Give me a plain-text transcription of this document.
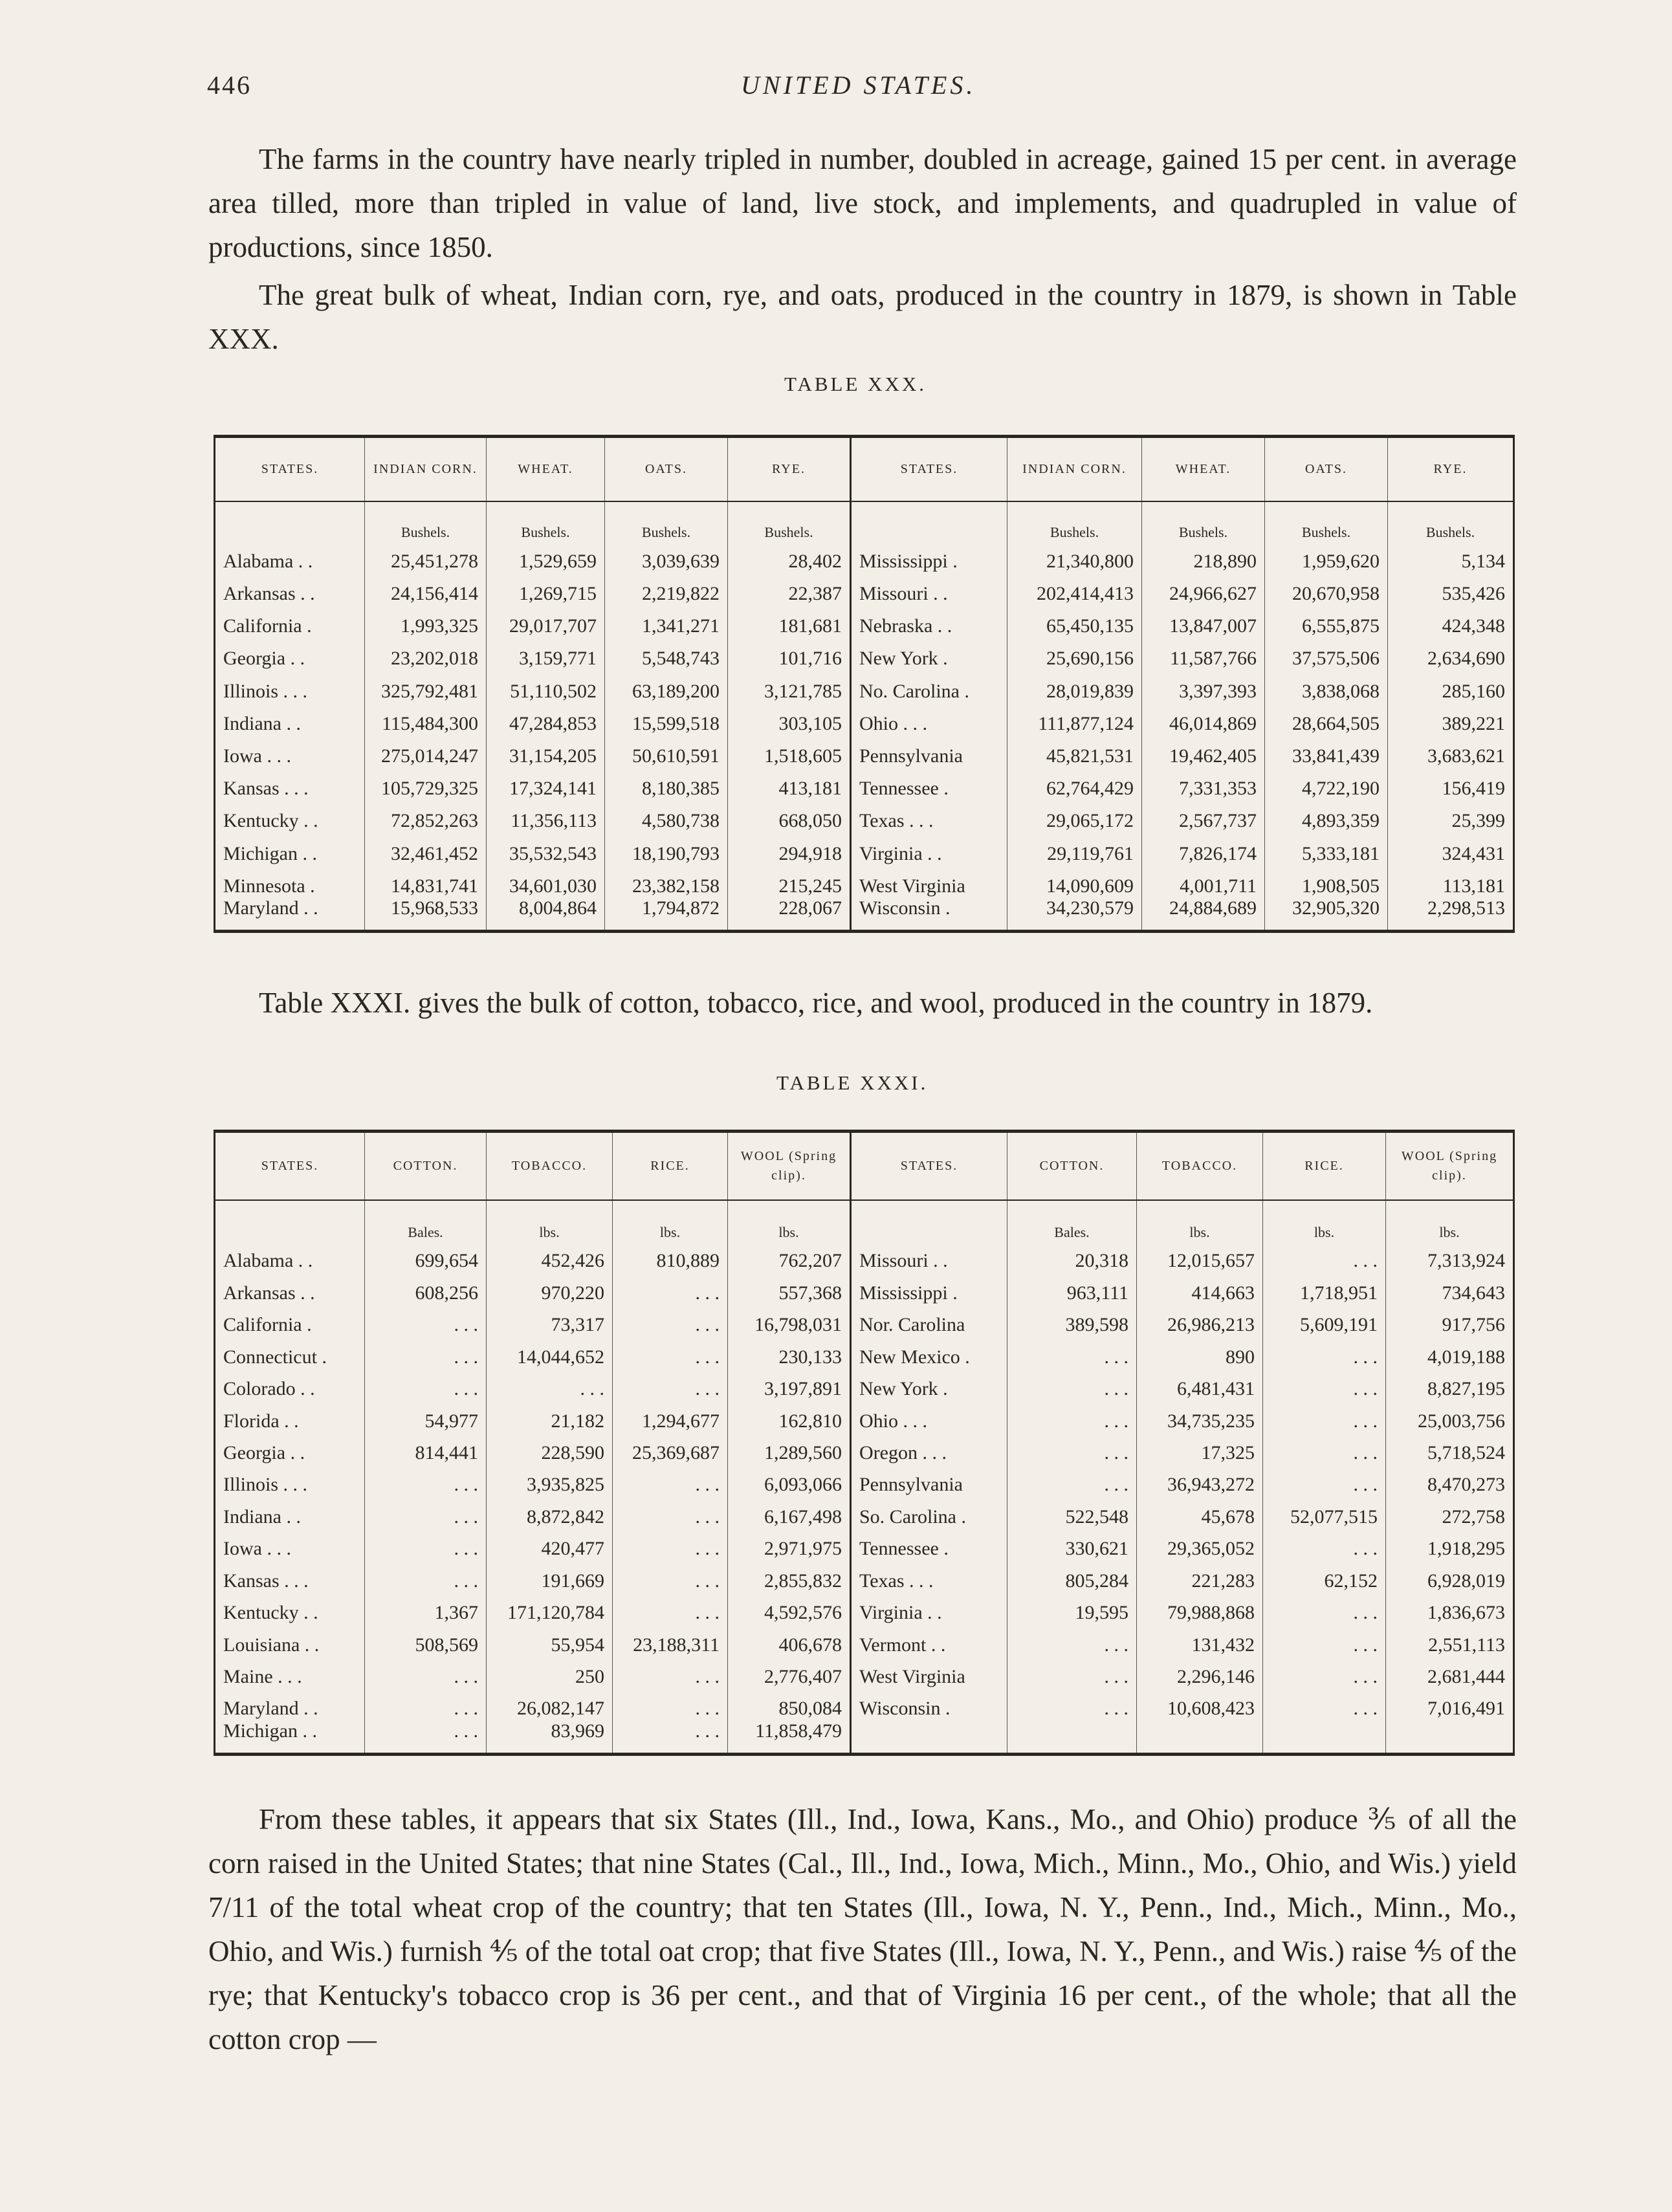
446	UNITED STATES.

The farms in the country have nearly tripled in number, doubled in acreage, gained 15 per cent. in average area tilled, more than tripled in value of land, live stock, and implements, and quadrupled in value of productions, since 1850.

The great bulk of wheat, Indian corn, rye, and oats, produced in the country in 1879, is shown in Table XXX.

TABLE XXX.
STATES.	INDIAN CORN.	WHEAT.	OATS.	RYE.	STATES.	INDIAN CORN.	WHEAT.	OATS.	RYE.
	Bushels.	Bushels.	Bushels.	Bushels.		Bushels.	Bushels.	Bushels.	Bushels.
Alabama . .	25,451,278	1,529,659	3,039,639	28,402	Mississippi .	21,340,800	218,890	1,959,620	5,134
Arkansas . .	24,156,414	1,269,715	2,219,822	22,387	Missouri . .	202,414,413	24,966,627	20,670,958	535,426
California .	1,993,325	29,017,707	1,341,271	181,681	Nebraska . .	65,450,135	13,847,007	6,555,875	424,348
Georgia . .	23,202,018	3,159,771	5,548,743	101,716	New York .	25,690,156	11,587,766	37,575,506	2,634,690
Illinois . . .	325,792,481	51,110,502	63,189,200	3,121,785	No. Carolina .	28,019,839	3,397,393	3,838,068	285,160
Indiana . .	115,484,300	47,284,853	15,599,518	303,105	Ohio . . .	111,877,124	46,014,869	28,664,505	389,221
Iowa . . .	275,014,247	31,154,205	50,610,591	1,518,605	Pennsylvania	45,821,531	19,462,405	33,841,439	3,683,621
Kansas . . .	105,729,325	17,324,141	8,180,385	413,181	Tennessee .	62,764,429	7,331,353	4,722,190	156,419
Kentucky . .	72,852,263	11,356,113	4,580,738	668,050	Texas . . .	29,065,172	2,567,737	4,893,359	25,399
Michigan . .	32,461,452	35,532,543	18,190,793	294,918	Virginia . .	29,119,761	7,826,174	5,333,181	324,431
Minnesota .	14,831,741	34,601,030	23,382,158	215,245	West Virginia	14,090,609	4,001,711	1,908,505	113,181
Maryland . .	15,968,533	8,004,864	1,794,872	228,067	Wisconsin .	34,230,579	24,884,689	32,905,320	2,298,513

Table XXXI. gives the bulk of cotton, tobacco, rice, and wool, produced in the country in 1879.

TABLE XXXI.
STATES.	COTTON.	TOBACCO.	RICE.	WOOL (Spring clip).	STATES.	COTTON.	TOBACCO.	RICE.	WOOL (Spring clip).
	Bales.	lbs.	lbs.	lbs.		Bales.	lbs.	lbs.	lbs.
Alabama . .	699,654	452,426	810,889	762,207	Missouri . .	20,318	12,015,657	. . .	7,313,924
Arkansas . .	608,256	970,220	. . .	557,368	Mississippi .	963,111	414,663	1,718,951	734,643
California .	. . .	73,317	. . .	16,798,031	Nor. Carolina	389,598	26,986,213	5,609,191	917,756
Connecticut .	. . .	14,044,652	. . .	230,133	New Mexico .	. . .	890	. . .	4,019,188
Colorado . .	. . .	. . .	. . .	3,197,891	New York .	. . .	6,481,431	. . .	8,827,195
Florida . .	54,977	21,182	1,294,677	162,810	Ohio . . .	. . .	34,735,235	. . .	25,003,756
Georgia . .	814,441	228,590	25,369,687	1,289,560	Oregon . . .	. . .	17,325	. . .	5,718,524
Illinois . . .	. . .	3,935,825	. . .	6,093,066	Pennsylvania	. . .	36,943,272	. . .	8,470,273
Indiana . .	. . .	8,872,842	. . .	6,167,498	So. Carolina .	522,548	45,678	52,077,515	272,758
Iowa . . .	. . .	420,477	. . .	2,971,975	Tennessee .	330,621	29,365,052	. . .	1,918,295
Kansas . . .	. . .	191,669	. . .	2,855,832	Texas . . .	805,284	221,283	62,152	6,928,019
Kentucky . .	1,367	171,120,784	. . .	4,592,576	Virginia . .	19,595	79,988,868	. . .	1,836,673
Louisiana . .	508,569	55,954	23,188,311	406,678	Vermont . .	. . .	131,432	. . .	2,551,113
Maine . . .	. . .	250	. . .	2,776,407	West Virginia	. . .	2,296,146	. . .	2,681,444
Maryland . .	. . .	26,082,147	. . .	850,084	Wisconsin .	. . .	10,608,423	. . .	7,016,491
Michigan . .	. . .	83,969	. . .	11,858,479					

From these tables, it appears that six States (Ill., Ind., Iowa, Kans., Mo., and Ohio) produce ⅗ of all the corn raised in the United States; that nine States (Cal., Ill., Ind., Iowa, Mich., Minn., Mo., Ohio, and Wis.) yield 7/11 of the total wheat crop of the country; that ten States (Ill., Iowa, N. Y., Penn., Ind., Mich., Minn., Mo., Ohio, and Wis.) furnish ⅘ of the total oat crop; that five States (Ill., Iowa, N. Y., Penn., and Wis.) raise ⅘ of the rye; that Kentucky's tobacco crop is 36 per cent., and that of Virginia 16 per cent., of the whole; that all the cotton crop —
